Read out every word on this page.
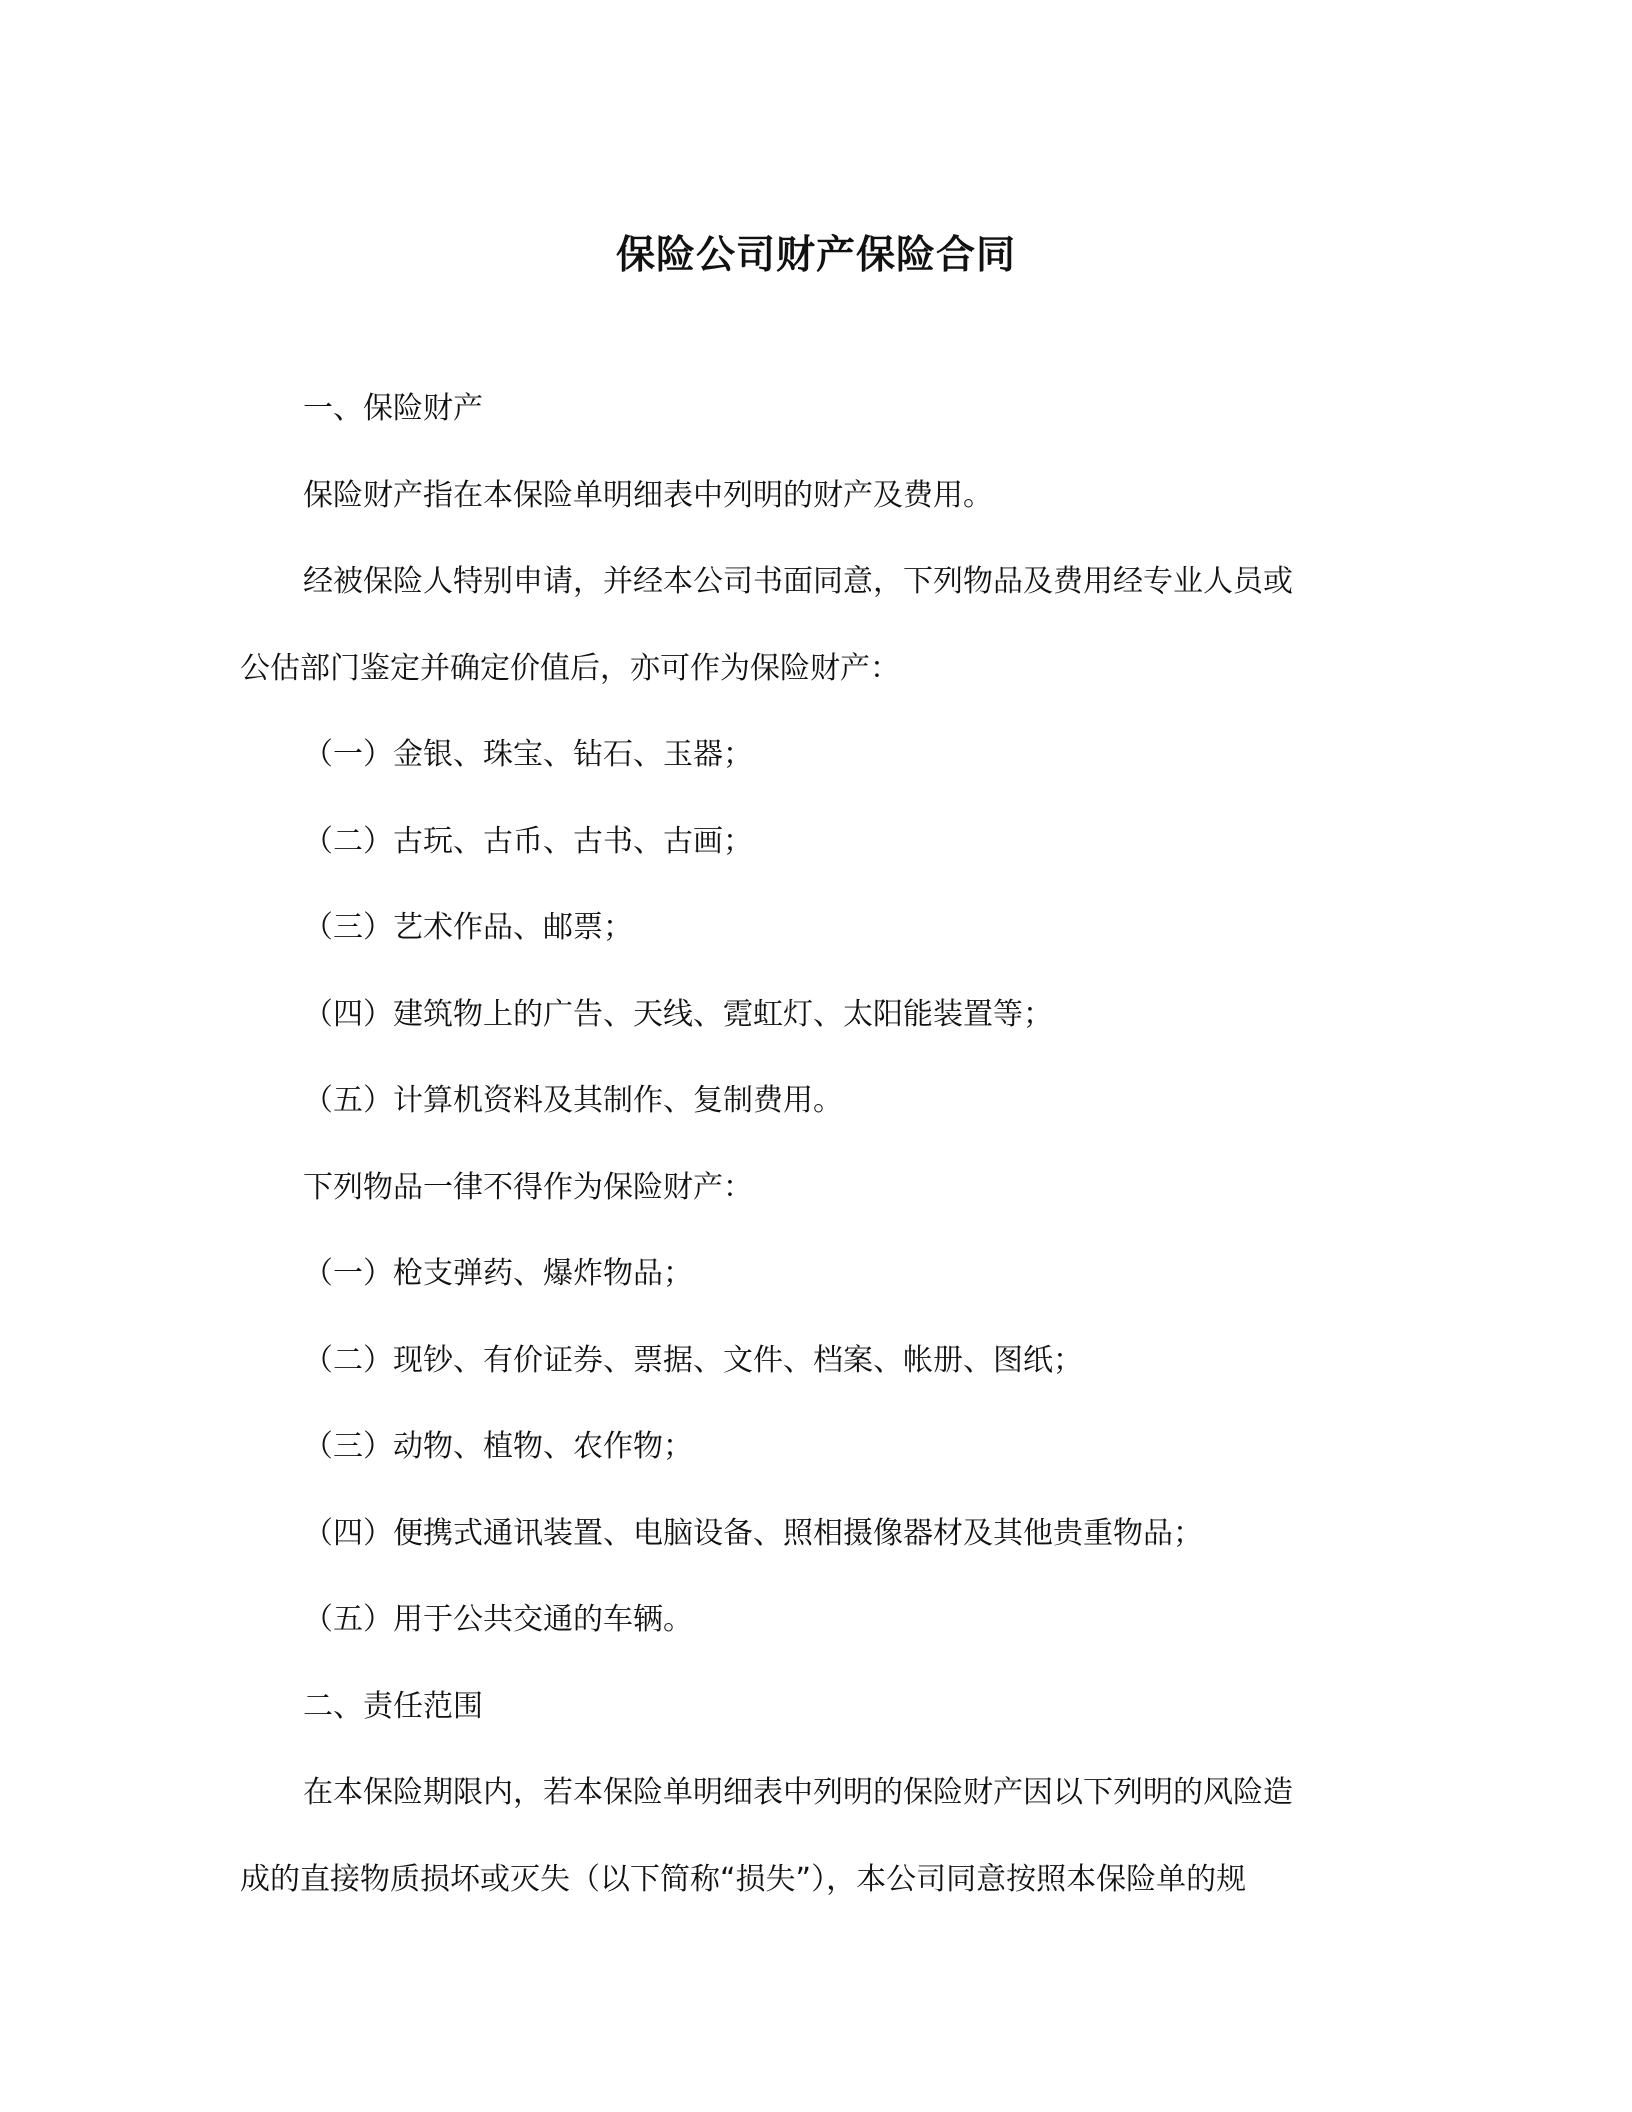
保险公司财产保险合同

一、保险财产

保险财产指在本保险单明细表中列明的财产及费用。

经被保险人特别申请，并经本公司书面同意，下列物品及费用经专业人员或

公估部门鉴定并确定价值后，亦可作为保险财产：

（一）金银、珠宝、钻石、玉器；

（二）古玩、古币、古书、古画；

（三）艺术作品、邮票；

（四）建筑物上的广告、天线、霓虹灯、太阳能装置等；

（五）计算机资料及其制作、复制费用。

下列物品一律不得作为保险财产：

（一）枪支弹药、爆炸物品；

（二）现钞、有价证券、票据、文件、档案、帐册、图纸；

（三）动物、植物、农作物；

（四）便携式通讯装置、电脑设备、照相摄像器材及其他贵重物品；

（五）用于公共交通的车辆。

二、责任范围

在本保险期限内，若本保险单明细表中列明的保险财产因以下列明的风险造

成的直接物质损坏或灭失（以下简称“损失”），本公司同意按照本保险单的规
